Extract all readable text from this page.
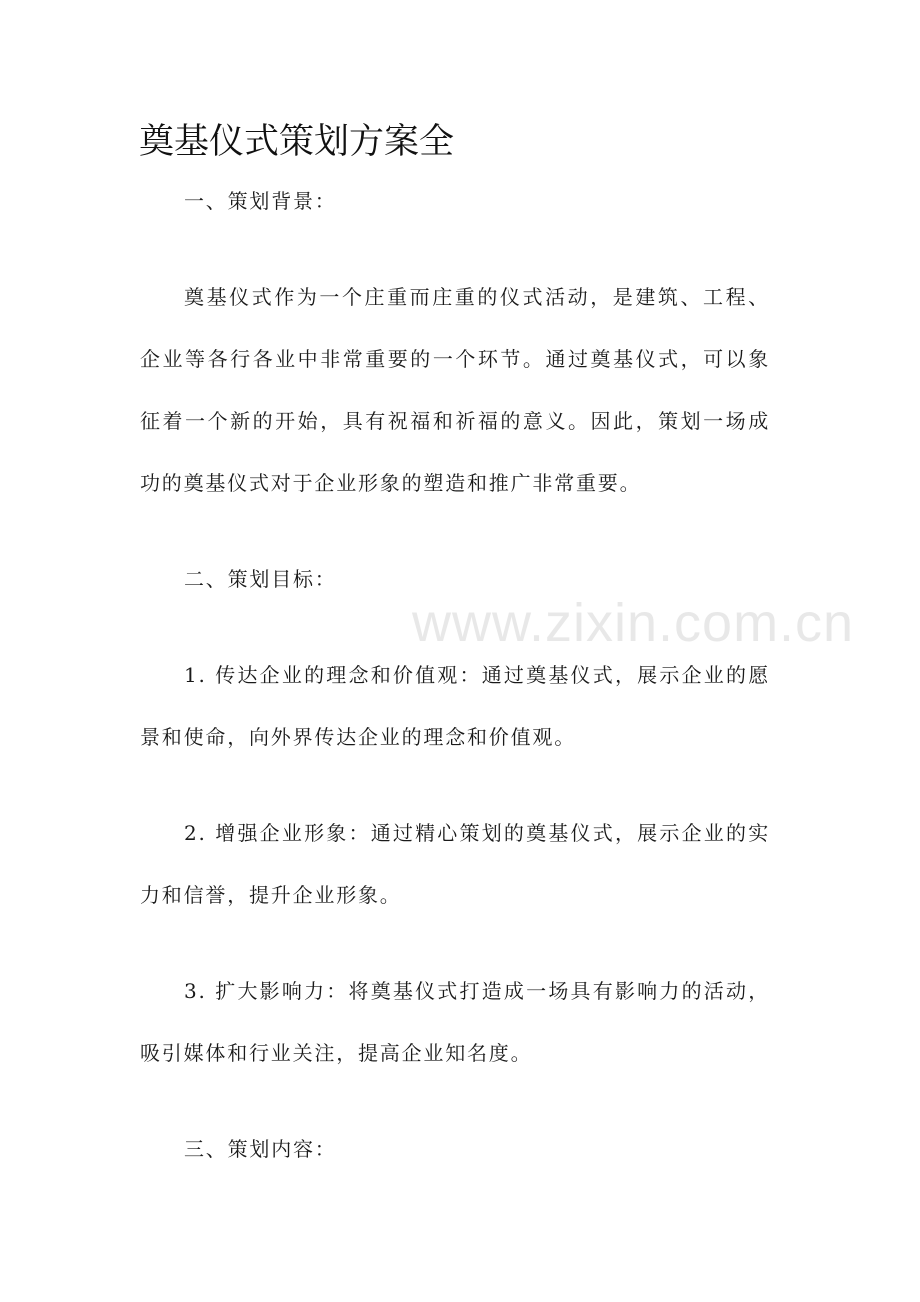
奠基仪式策划方案全

一、策划背景：

奠基仪式作为一个庄重而庄重的仪式活动，是建筑、工程、企业等各行各业中非常重要的一个环节。通过奠基仪式，可以象征着一个新的开始，具有祝福和祈福的意义。因此，策划一场成功的奠基仪式对于企业形象的塑造和推广非常重要。

二、策划目标：

1. 传达企业的理念和价值观：通过奠基仪式，展示企业的愿景和使命，向外界传达企业的理念和价值观。

2. 增强企业形象：通过精心策划的奠基仪式，展示企业的实力和信誉，提升企业形象。

3. 扩大影响力：将奠基仪式打造成一场具有影响力的活动，吸引媒体和行业关注，提高企业知名度。

三、策划内容：

www.zixin.com.cn
